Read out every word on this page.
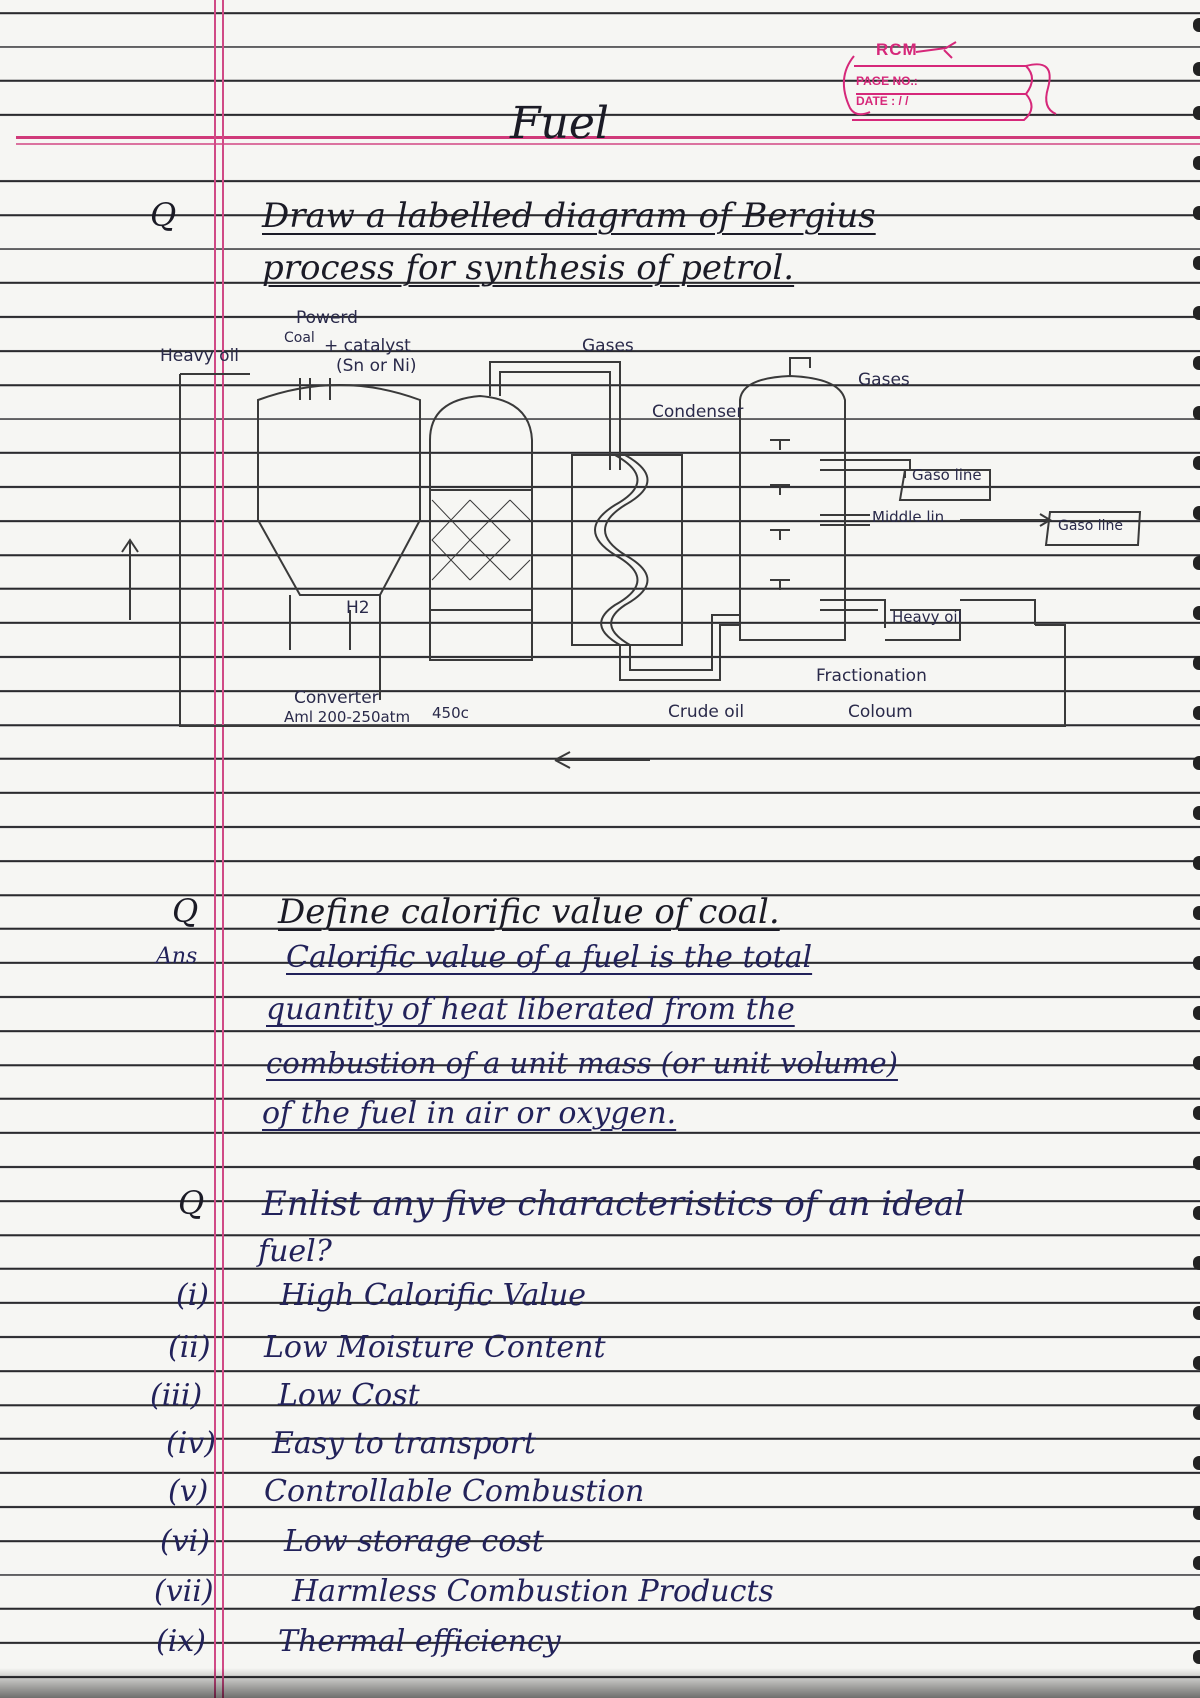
RCM
PAGE NO.:
DATE : / /
Fuel
Q	Draw a labelled diagram of Bergius
process for synthesis of petrol.
Powerd
Coal + catalyst
(Sn or Ni)
Heavy oil	Gases
Condenser
Gases
Gaso line
Middle lin	Gaso line
Heavy oil
H2
Converter
Aml 200-250atm 450c	Crude oil
Fractionation
Coloum
Q Define calorific value of coal.
Ans	Calorific value of a fuel is the total
quantity of heat liberated from the
combustion of a unit mass (or unit volume)
of the fuel in air or oxygen.
Q Enlist any five characteristics of an ideal
fuel?
(i) High Calorific Value
(ii) Low Moisture Content
(iii)	Low Cost
(iv) Easy to transport
(v) Controllable Combustion
(vi) Low storage cost
(vii)	Harmless Combustion Products
(ix) Thermal efficiency
